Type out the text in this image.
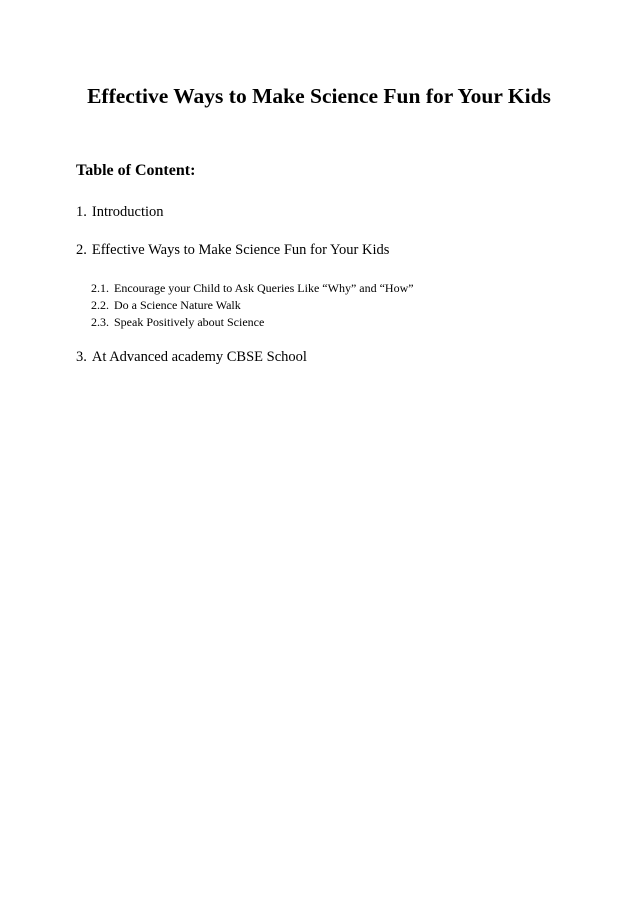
Effective Ways to Make Science Fun for Your Kids
Table of Content:
1. Introduction
2. Effective Ways to Make Science Fun for Your Kids
2.1. Encourage your Child to Ask Queries Like “Why” and “How”
2.2. Do a Science Nature Walk
2.3. Speak Positively about Science
3. At Advanced academy CBSE School
